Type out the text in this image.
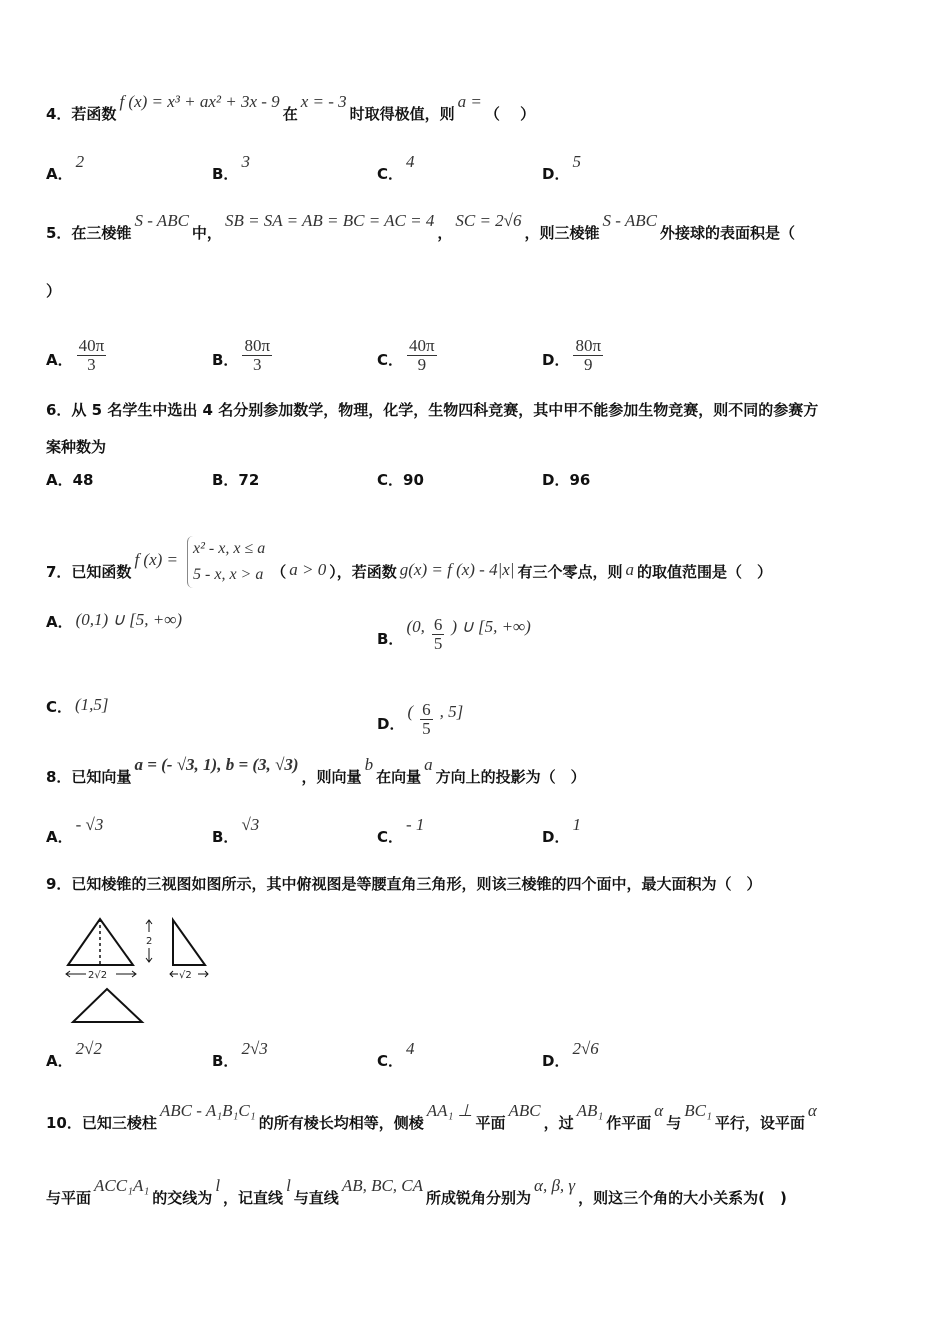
4．若函数
f (x) = x³ + ax² + 3x - 9
在
x = - 3
时取得极值，则
a =
（　 ）
A．
2
B．
3
C．
4
D．
5
5．在三棱锥
S - ABC
中，
SB = SA = AB = BC = AC = 4
，
SC = 2√6
，则三棱锥
S - ABC
外接球的表面积是（
）
A． $\frac{40\pi}{3}$	B． $\frac{80\pi}{3}$	C． $\frac{40\pi}{9}$	D． $\frac{80\pi}{9}$
6．从 5 名学生中选出 4 名分别参加数学，物理，化学，生物四科竞赛，其中甲不能参加生物竞赛，则不同的参赛方
案种数为
A．48	B．72	C．90	D．96
7．已知函数
f (x) =
x² - x, x ≤ a
5 - x, x > a （ a > 0 ），若函数 g(x) = f (x) - 4|x| 有三个零点，则 a 的取值范围是（　）
A． (0,1) ∪ [5, +∞)
B．
(0, $\frac{6}{5}$ ) ∪ [5, +∞)
C． (1,5]
D．
( $\frac{6}{5}$ , 5]
8．已知向量
a = (- √3, 1), b = (3, √3)
，则向量
b
在向量
a
方向上的投影为（　）
A．
- √3
B．
√3
C．
- 1
D．
1
9．已知棱锥的三视图如图所示，其中俯视图是等腰直角三角形，则该三棱锥的四个面中，最大面积为（　）
2√2
2
√2
A．
2√2
B．
2√3
C．
4
D．
2√6
10．已知三棱柱
ABC - A₁B₁C₁
的所有棱长均相等，侧棱
AA₁ ⊥
平面
ABC
，过
AB₁
作平面
α
与
BC₁
平行，设平面
α
与平面
ACC₁A₁
的交线为
l
，记直线
l
与直线
AB, BC, CA
所成锐角分别为
α, β, γ
，则这三个角的大小关系为(　)
